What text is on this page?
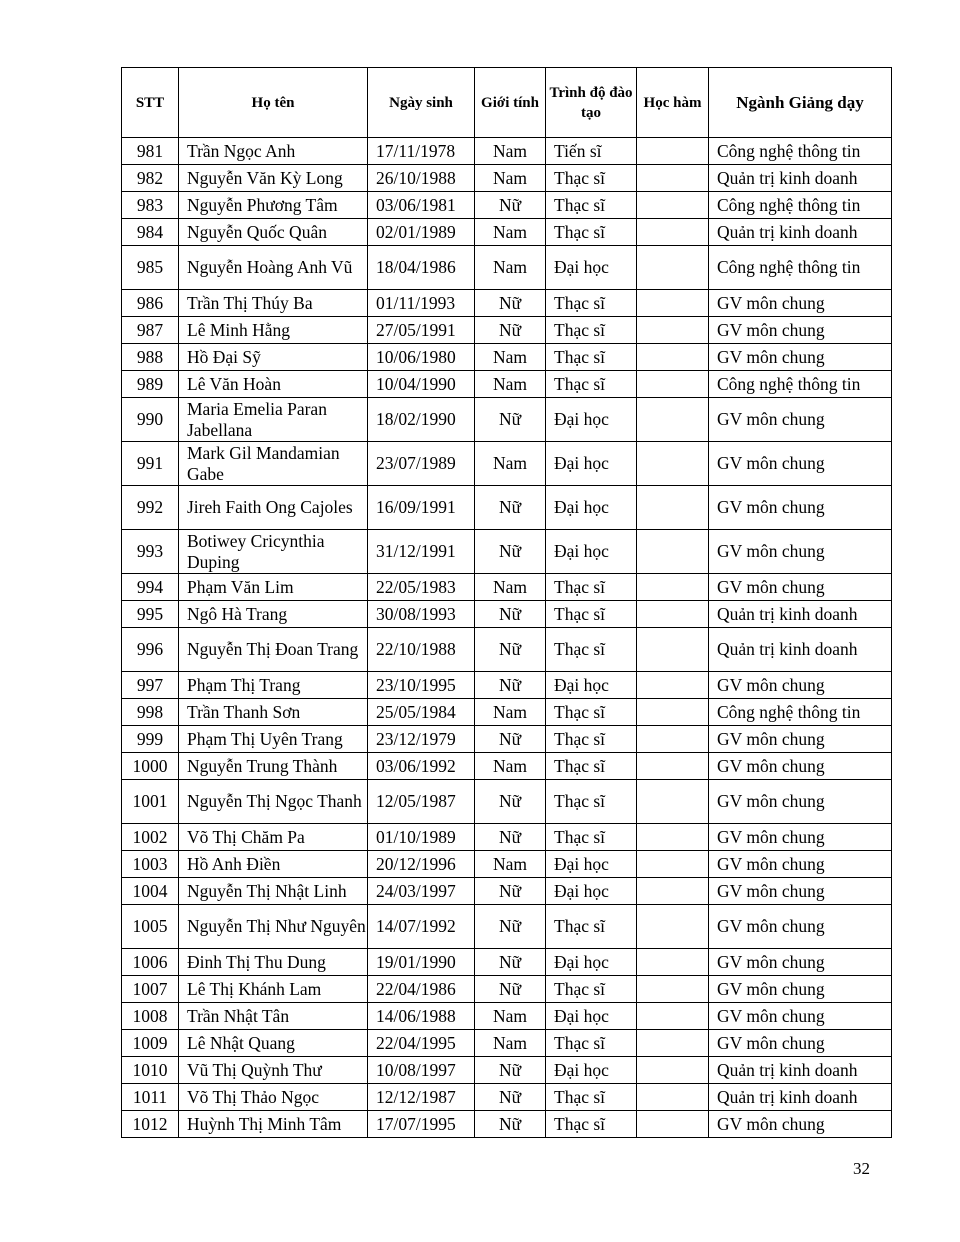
STT	Họ tên	Ngày sinh	Giới tính	Trình độ đào tạo	Học hàm	Ngành Giảng dạy
981	Trần Ngọc Anh	17/11/1978	Nam	Tiến sĩ		Công nghệ thông tin
982	Nguyễn Văn Kỳ Long	26/10/1988	Nam	Thạc sĩ		Quản trị kinh doanh
983	Nguyễn Phương Tâm	03/06/1981	Nữ	Thạc sĩ		Công nghệ thông tin
984	Nguyễn Quốc Quân	02/01/1989	Nam	Thạc sĩ		Quản trị kinh doanh
985	Nguyễn Hoàng Anh Vũ	18/04/1986	Nam	Đại học		Công nghệ thông tin
986	Trần Thị Thúy Ba	01/11/1993	Nữ	Thạc sĩ		GV môn chung
987	Lê Minh Hằng	27/05/1991	Nữ	Thạc sĩ		GV môn chung
988	Hồ Đại Sỹ	10/06/1980	Nam	Thạc sĩ		GV môn chung
989	Lê Văn Hoàn	10/04/1990	Nam	Thạc sĩ		Công nghệ thông tin
990	Maria Emelia Paran Jabellana	18/02/1990	Nữ	Đại học		GV môn chung
991	Mark Gil Mandamian Gabe	23/07/1989	Nam	Đại học		GV môn chung
992	Jireh Faith Ong Cajoles	16/09/1991	Nữ	Đại học		GV môn chung
993	Botiwey Cricynthia Duping	31/12/1991	Nữ	Đại học		GV môn chung
994	Phạm Văn Lim	22/05/1983	Nam	Thạc sĩ		GV môn chung
995	Ngô Hà Trang	30/08/1993	Nữ	Thạc sĩ		Quản trị kinh doanh
996	Nguyễn Thị Đoan Trang	22/10/1988	Nữ	Thạc sĩ		Quản trị kinh doanh
997	Phạm Thị Trang	23/10/1995	Nữ	Đại học		GV môn chung
998	Trần Thanh Sơn	25/05/1984	Nam	Thạc sĩ		Công nghệ thông tin
999	Phạm Thị Uyên Trang	23/12/1979	Nữ	Thạc sĩ		GV môn chung
1000	Nguyễn Trung Thành	03/06/1992	Nam	Thạc sĩ		GV môn chung
1001	Nguyễn Thị Ngọc Thanh	12/05/1987	Nữ	Thạc sĩ		GV môn chung
1002	Võ Thị Chăm Pa	01/10/1989	Nữ	Thạc sĩ		GV môn chung
1003	Hồ Anh Điền	20/12/1996	Nam	Đại học		GV môn chung
1004	Nguyễn Thị Nhật Linh	24/03/1997	Nữ	Đại học		GV môn chung
1005	Nguyễn Thị Như Nguyên	14/07/1992	Nữ	Thạc sĩ		GV môn chung
1006	Đinh Thị Thu Dung	19/01/1990	Nữ	Đại học		GV môn chung
1007	Lê Thị Khánh Lam	22/04/1986	Nữ	Thạc sĩ		GV môn chung
1008	Trần Nhật Tân	14/06/1988	Nam	Đại học		GV môn chung
1009	Lê Nhật Quang	22/04/1995	Nam	Thạc sĩ		GV môn chung
1010	Vũ Thị Quỳnh Thư	10/08/1997	Nữ	Đại học		Quản trị kinh doanh
1011	Võ Thị Thảo Ngọc	12/12/1987	Nữ	Thạc sĩ		Quản trị kinh doanh
1012	Huỳnh Thị Minh Tâm	17/07/1995	Nữ	Thạc sĩ		GV môn chung
32
